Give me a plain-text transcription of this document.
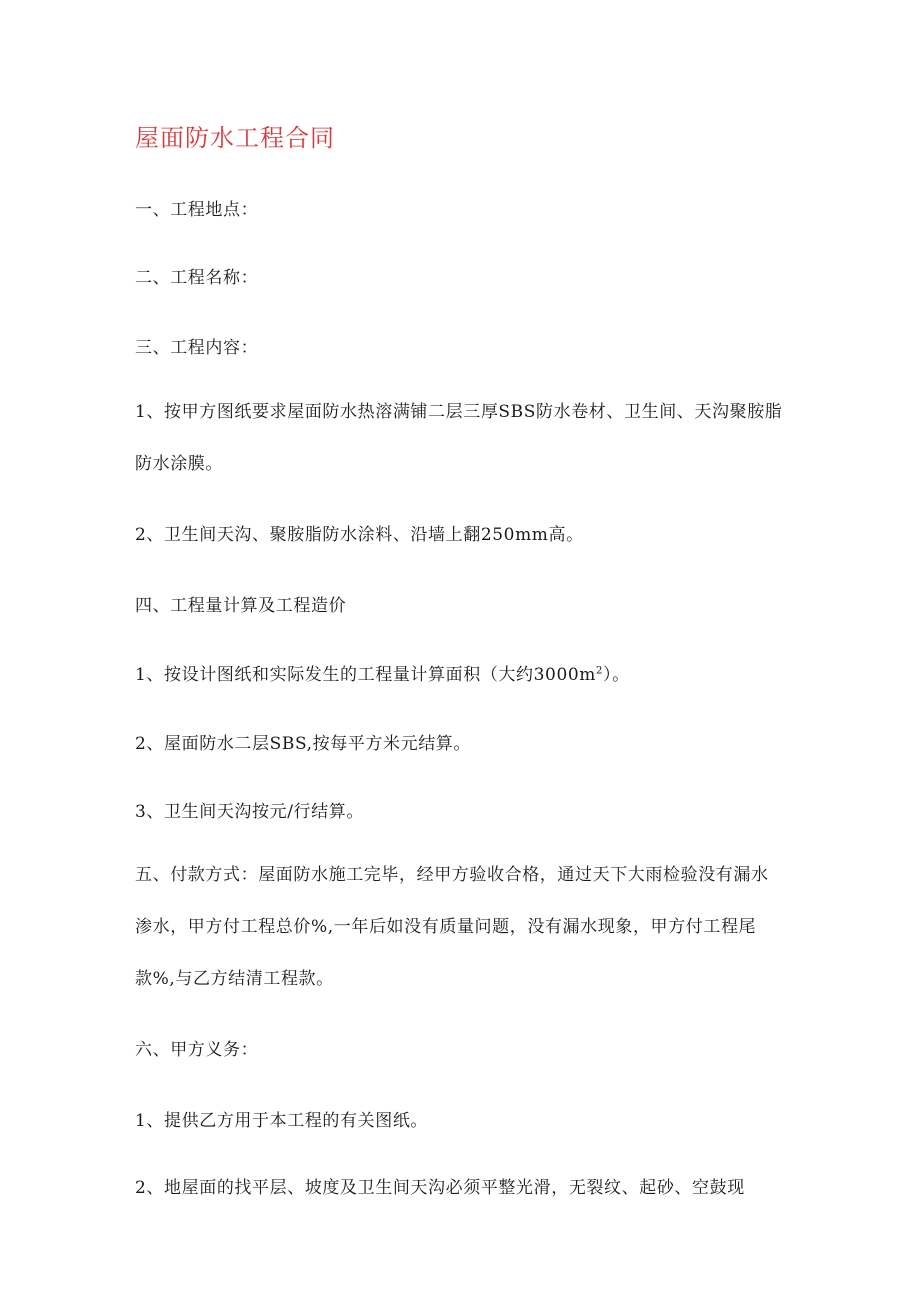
屋面防水工程合同
一、工程地点：
二、工程名称：
三、工程内容：
1、按甲方图纸要求屋面防水热溶满铺二层三厚SBS防水卷材、卫生间、天沟聚胺脂防水涂膜。
2、卫生间天沟、聚胺脂防水涂料、沿墙上翻250mm高。
四、工程量计算及工程造价
1、按设计图纸和实际发生的工程量计算面积（大约$3000m^2$）。
2、屋面防水二层SBS,按每平方米元结算。
3、卫生间天沟按元/行结算。
五、付款方式：屋面防水施工完毕，经甲方验收合格，通过天下大雨检验没有漏水渗水，甲方付工程总价%,一年后如没有质量问题，没有漏水现象，甲方付工程尾款%,与乙方结清工程款。
六、甲方义务：
1、提供乙方用于本工程的有关图纸。
2、地屋面的找平层、坡度及卫生间天沟必须平整光滑，无裂纹、起砂、空鼓现
